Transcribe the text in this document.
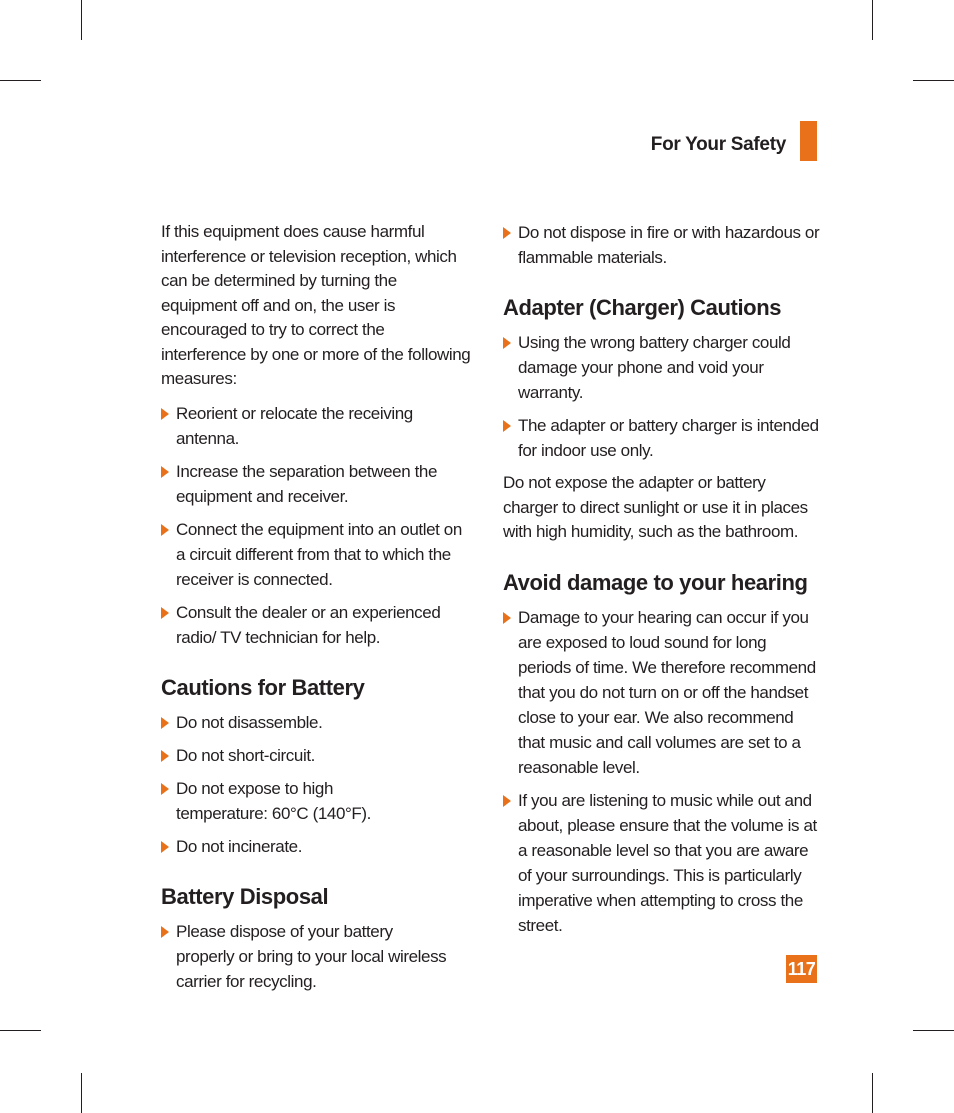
For Your Safety

If this equipment does cause harmful interference or television reception, which can be determined by turning the equipment off and on, the user is encouraged to try to correct the interference by one or more of the following measures:

Reorient or relocate the receiving antenna.
Increase the separation between the equipment and receiver.
Connect the equipment into an outlet on a circuit different from that to which the receiver is connected.
Consult the dealer or an experienced radio/ TV technician for help.
Cautions for Battery
Do not disassemble.
Do not short-circuit.
Do not expose to high temperature: 60°C (140°F).
Do not incinerate.
Battery Disposal
Please dispose of your battery properly or bring to your local wireless carrier for recycling.
Do not dispose in fire or with hazardous or flammable materials.
Adapter (Charger) Cautions
Using the wrong battery charger could damage your phone and void your warranty.
The adapter or battery charger is intended for indoor use only.

Do not expose the adapter or battery charger to direct sunlight or use it in places with high humidity, such as the bathroom.

Avoid damage to your hearing
Damage to your hearing can occur if you are exposed to loud sound for long periods of time. We therefore recommend that you do not turn on or off the handset close to your ear. We also recommend that music and call volumes are set to a reasonable level.
If you are listening to music while out and about, please ensure that the volume is at a reasonable level so that you are aware of your surroundings. This is particularly imperative when attempting to cross the street.
117
